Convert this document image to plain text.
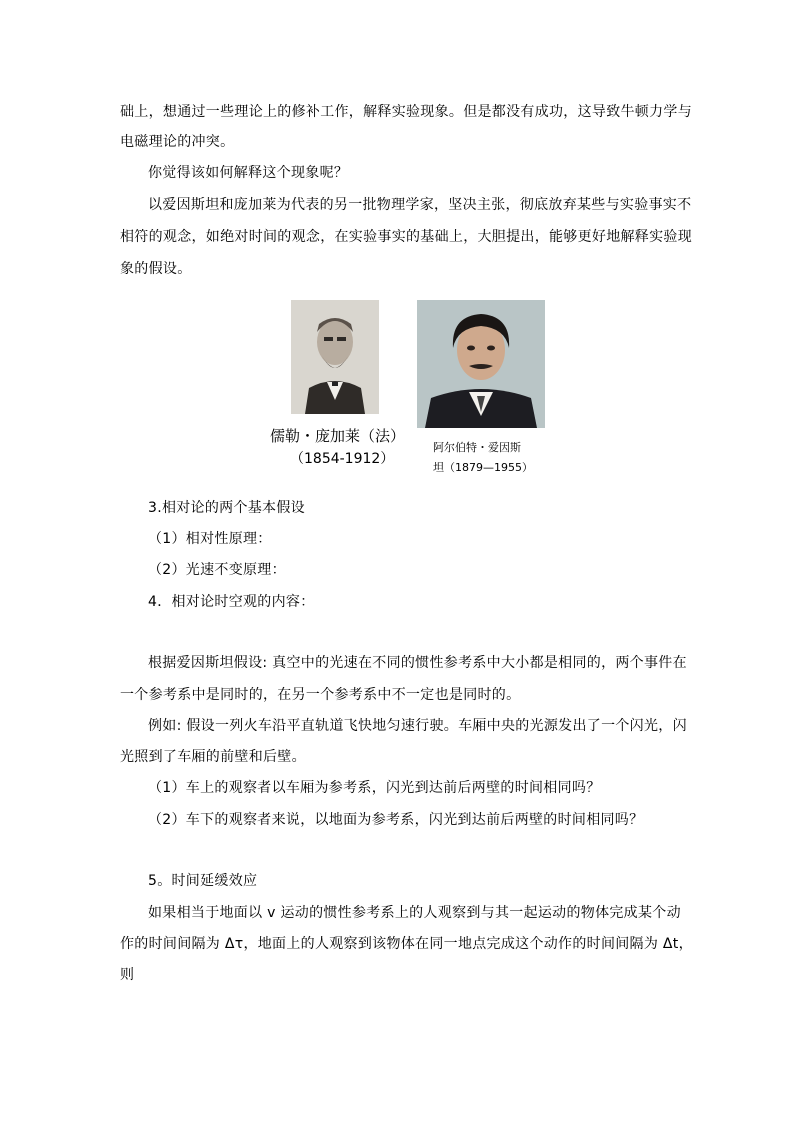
础上，想通过一些理论上的修补工作，解释实验现象。但是都没有成功，这导致牛顿力学与
电磁理论的冲突。
你觉得该如何解释这个现象呢？
以爱因斯坦和庞加莱为代表的另一批物理学家，坚决主张，彻底放弃某些与实验事实不
相符的观念，如绝对时间的观念，在实验事实的基础上，大胆提出，能够更好地解释实验现
象的假设。
儒勒・庞加莱（法）
（1854-1912）
阿尔伯特・爱因斯
坦（1879—1955）
3.相对论的两个基本假设
（1）相对性原理：
（2）光速不变原理：
4．相对论时空观的内容：
根据爱因斯坦假设: 真空中的光速在不同的惯性参考系中大小都是相同的，两个事件在
一个参考系中是同时的，在另一个参考系中不一定也是同时的。
例如: 假设一列火车沿平直轨道飞快地匀速行驶。车厢中央的光源发出了一个闪光，闪
光照到了车厢的前壁和后壁。
（1）车上的观察者以车厢为参考系，闪光到达前后两壁的时间相同吗？
（2）车下的观察者来说，以地面为参考系，闪光到达前后两壁的时间相同吗？
5。时间延缓效应
如果相当于地面以 v 运动的惯性参考系上的人观察到与其一起运动的物体完成某个动
作的时间间隔为 Δτ，地面上的人观察到该物体在同一地点完成这个动作的时间间隔为 Δt，
则
